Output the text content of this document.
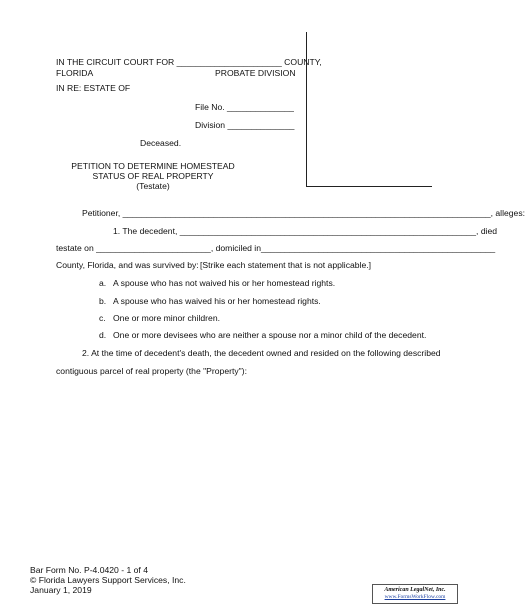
IN THE CIRCUIT COURT FOR ______________________ COUNTY,
FLORIDA	PROBATE DIVISION
IN RE: ESTATE OF
File No. ______________
Division ______________
Deceased.
PETITION TO DETERMINE HOMESTEAD
STATUS OF REAL PROPERTY
(Testate)
Petitioner, _____________________________________________________________________________, alleges:
1. The decedent, ______________________________________________________________, died
testate on ________________________, domiciled in_________________________________________________
County, Florida, and was survived by: [Strike each statement that is not applicable.]
a. A spouse who has not waived his or her homestead rights.
b. A spouse who has waived his or her homestead rights.
c. One or more minor children.
d. One or more devisees who are neither a spouse nor a minor child of the decedent.
2. At the time of decedent's death, the decedent owned and resided on the following described
contiguous parcel of real property (the "Property"):
Bar Form No. P-4.0420 - 1 of 4
© Florida Lawyers Support Services, Inc.
January 1, 2019	American LegalNet, Inc.
www.FormsWorkFlow.com
